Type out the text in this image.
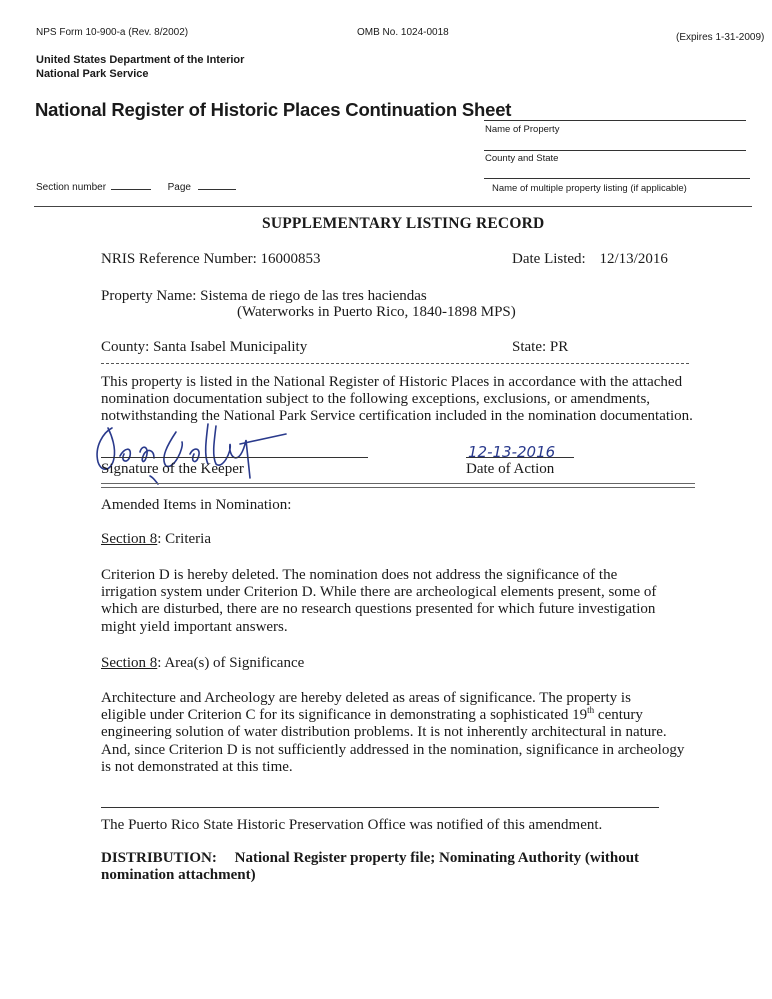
NPS Form 10-900-a (Rev. 8/2002)	OMB No. 1024-0018	(Expires 1-31-2009)
United States Department of the Interior
National Park Service
National Register of Historic Places Continuation Sheet
Name of Property
County and State
Name of multiple property listing (if applicable)
Section number	Page
SUPPLEMENTARY LISTING RECORD
NRIS Reference Number: 16000853	Date Listed: 12/13/2016
Property Name: Sistema de riego de las tres haciendas
(Waterworks in Puerto Rico, 1840-1898 MPS)
County: Santa Isabel Municipality	State: PR
This property is listed in the National Register of Historic Places in accordance with the attached
nomination documentation subject to the following exceptions, exclusions, or amendments,
notwithstanding the National Park Service certification included in the nomination documentation.
12-13-2016
Signature of the Keeper	Date of Action
Amended Items in Nomination:
Section 8: Criteria
Criterion D is hereby deleted. The nomination does not address the significance of the
irrigation system under Criterion D. While there are archeological elements present, some of
which are disturbed, there are no research questions presented for which future investigation
might yield important answers.
Section 8: Area(s) of Significance
Architecture and Archeology are hereby deleted as areas of significance. The property is
eligible under Criterion C for its significance in demonstrating a sophisticated 19th century
engineering solution of water distribution problems. It is not inherently architectural in nature.
And, since Criterion D is not sufficiently addressed in the nomination, significance in archeology
is not demonstrated at this time.
The Puerto Rico State Historic Preservation Office was notified of this amendment.
DISTRIBUTION: National Register property file; Nominating Authority (without
nomination attachment)
